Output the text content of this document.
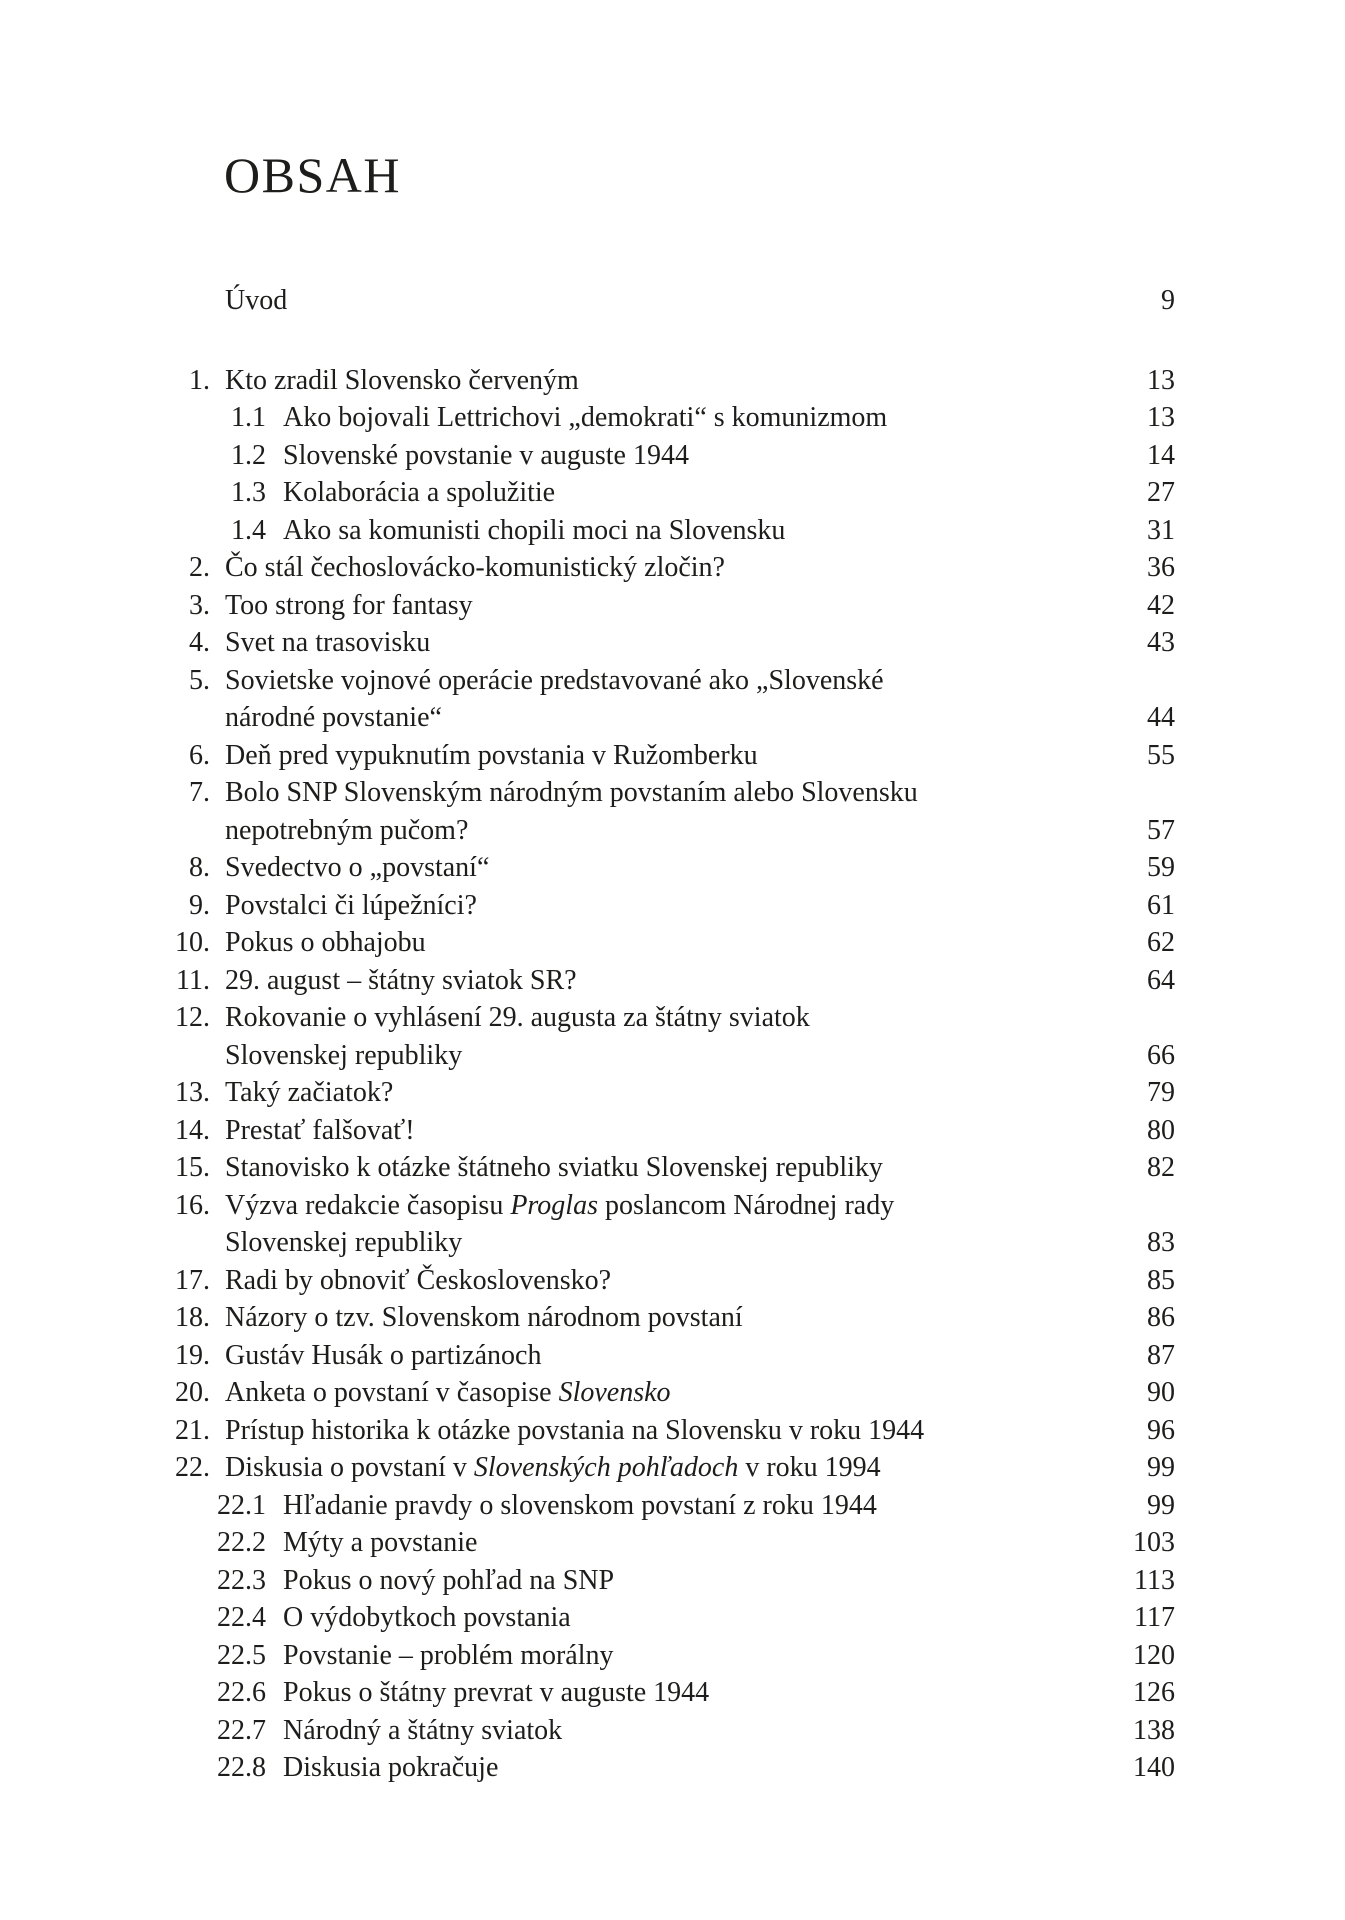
OBSAH
Úvod	9
1. Kto zradil Slovensko červeným	13
1.1 Ako bojovali Lettrichovi „demokrati“ s komunizmom	13
1.2 Slovenské povstanie v auguste 1944	14
1.3 Kolaborácia a spolužitie	27
1.4 Ako sa komunisti chopili moci na Slovensku	31
2. Čo stál čechoslovácko-komunistický zločin?	36
3. Too strong for fantasy	42
4. Svet na trasovisku	43
5. Sovietske vojnové operácie predstavované ako „Slovenské
národné povstanie“	44
6. Deň pred vypuknutím povstania v Ružomberku	55
7. Bolo SNP Slovenským národným povstaním alebo Slovensku
nepotrebným pučom?	57
8. Svedectvo o „povstaní“	59
9. Povstalci či lúpežníci?	61
10. Pokus o obhajobu	62
11. 29. august – štátny sviatok SR?	64
12. Rokovanie o vyhlásení 29. augusta za štátny sviatok
Slovenskej republiky	66
13. Taký začiatok?	79
14. Prestať falšovať!	80
15. Stanovisko k otázke štátneho sviatku Slovenskej republiky	82
16. Výzva redakcie časopisu Proglas poslancom Národnej rady
Slovenskej republiky	83
17. Radi by obnoviť Československo?	85
18. Názory o tzv. Slovenskom národnom povstaní	86
19. Gustáv Husák o partizánoch	87
20. Anketa o povstaní v časopise Slovensko	90
21. Prístup historika k otázke povstania na Slovensku v roku 1944	96
22. Diskusia o povstaní v Slovenských pohľadoch v roku 1994	99
22.1 Hľadanie pravdy o slovenskom povstaní z roku 1944	99
22.2 Mýty a povstanie	103
22.3 Pokus o nový pohľad na SNP	113
22.4 O výdobytkoch povstania	117
22.5 Povstanie – problém morálny	120
22.6 Pokus o štátny prevrat v auguste 1944	126
22.7 Národný a štátny sviatok	138
22.8 Diskusia pokračuje	140
